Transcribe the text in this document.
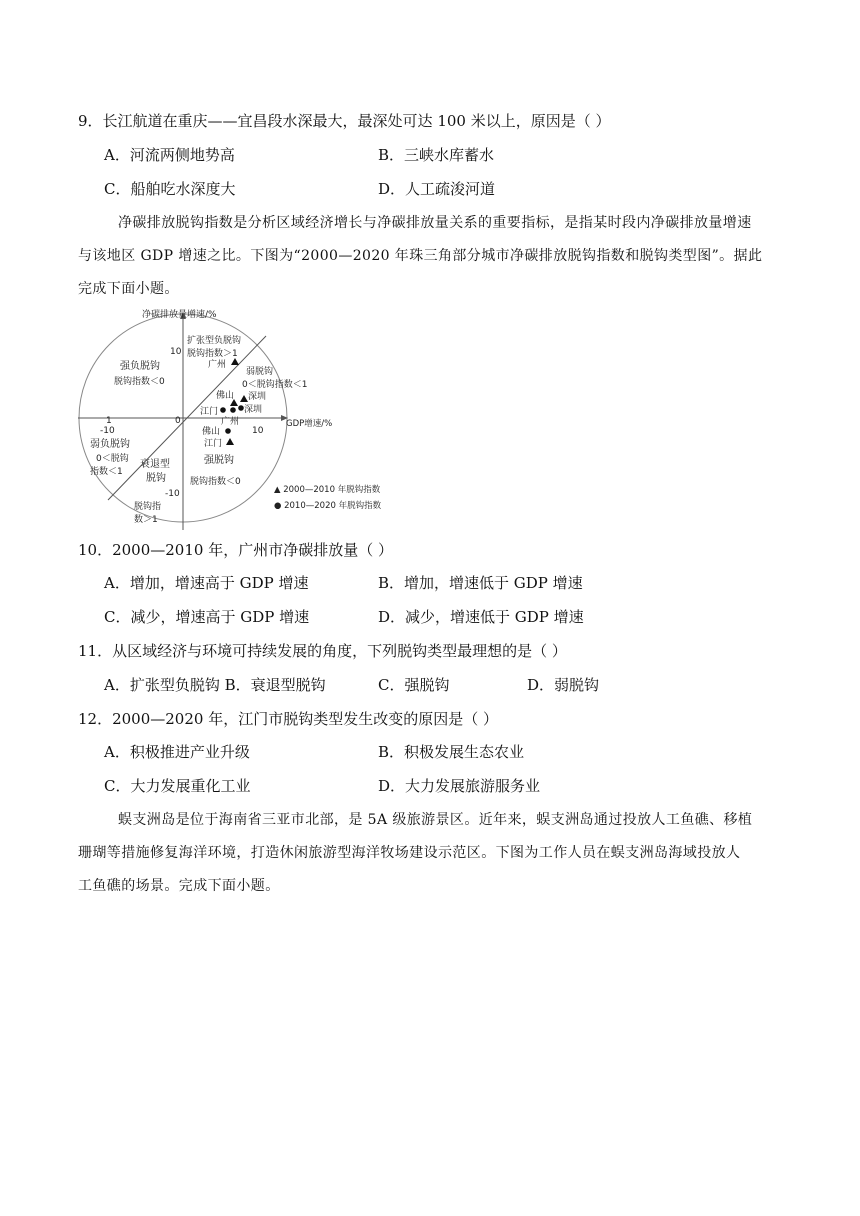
9．长江航道在重庆——宜昌段水深最大，最深处可达 100 米以上，原因是（ ）
A．河流两侧地势高	B．三峡水库蓄水
C．船舶吃水深度大	D．人工疏浚河道
净碳排放脱钩指数是分析区域经济增长与净碳排放量关系的重要指标，是指某时段内净碳排放量增速
与该地区 GDP 增速之比。下图为“2000—2020 年珠三角部分城市净碳排放脱钩指数和脱钩类型图”。据此
完成下面小题。
净碳排放量增速/%
GDP增速/%
10
-10
10
-10
1	0
扩张型负脱钩
脱钩指数＞1
强负脱钩
脱钩指数＜0
弱脱钩
0＜脱钩指数＜1
弱负脱钩
0＜脱钩
指数＜1
衰退型
脱钩
脱钩指
数＞1
强脱钩
脱钩指数＜0
广州
佛山 深圳
江门
广州
深圳
佛山
江门
▲ 2000—2010 年脱钩指数
● 2010—2020 年脱钩指数
10．2000—2010 年，广州市净碳排放量（ ）
A．增加，增速高于 GDP 增速	B．增加，增速低于 GDP 增速
C．减少，增速高于 GDP 增速	D．减少，增速低于 GDP 增速
11．从区域经济与环境可持续发展的角度，下列脱钩类型最理想的是（ ）
A．扩张型负脱钩 B．衰退型脱钩	C．强脱钩	D．弱脱钩
12．2000—2020 年，江门市脱钩类型发生改变的原因是（ ）
A．积极推进产业升级	B．积极发展生态农业
C．大力发展重化工业	D．大力发展旅游服务业
蜈支洲岛是位于海南省三亚市北部，是 5A 级旅游景区。近年来，蜈支洲岛通过投放人工鱼礁、移植
珊瑚等措施修复海洋环境，打造休闲旅游型海洋牧场建设示范区。下图为工作人员在蜈支洲岛海域投放人
工鱼礁的场景。完成下面小题。
